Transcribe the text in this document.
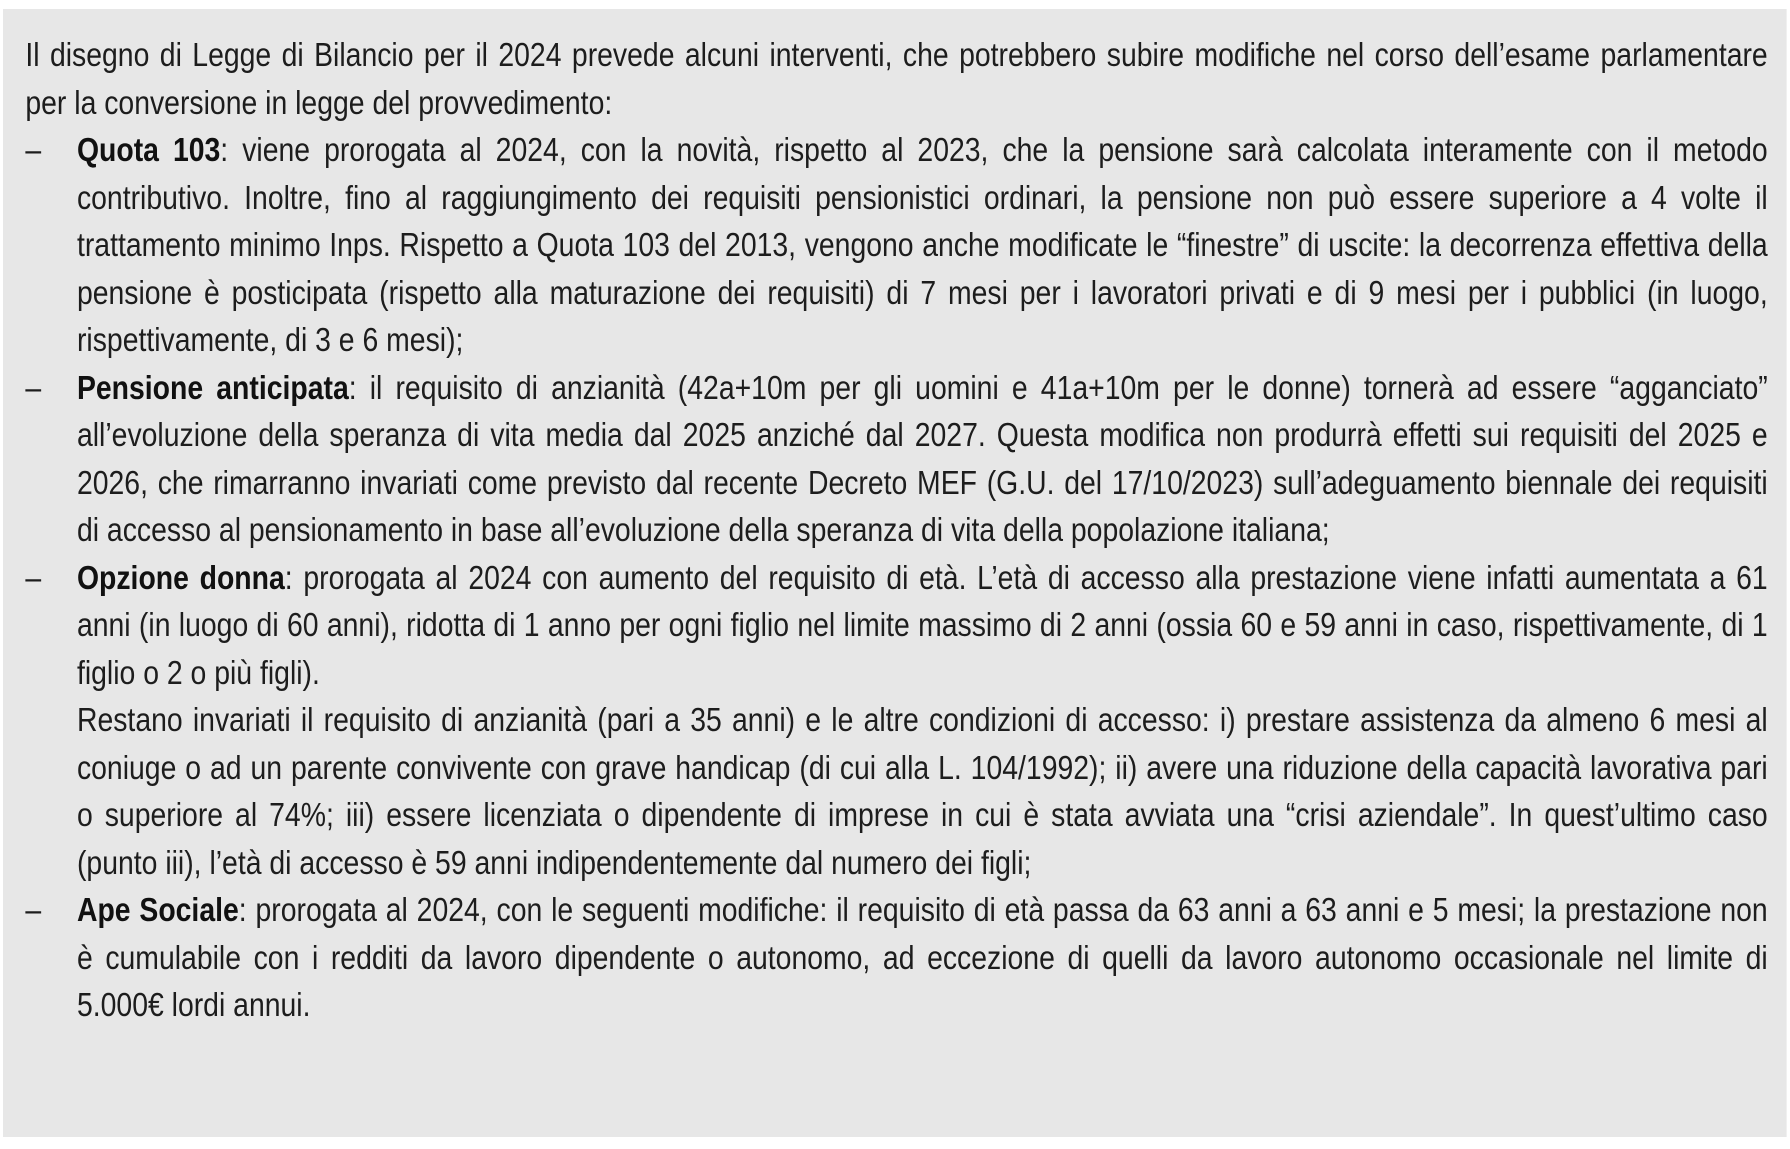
Il disegno di Legge di Bilancio per il 2024 prevede alcuni interventi, che potrebbero subire modifiche nel corso dell’esame parlamentare per la conversione in legge del provvedimento:

– Quota 103: viene prorogata al 2024, con la novità, rispetto al 2023, che la pensione sarà calcolata interamente con il metodo contributivo. Inoltre, fino al raggiungimento dei requisiti pensionistici ordinari, la pensione non può essere superiore a 4 volte il trattamento minimo Inps. Rispetto a Quota 103 del 2013, vengono anche modificate le “finestre” di uscite: la decorrenza effettiva della pensione è posticipata (rispetto alla maturazione dei requisiti) di 7 mesi per i lavoratori privati e di 9 mesi per i pubblici (in luogo, rispettivamente, di 3 e 6 mesi);

– Pensione anticipata: il requisito di anzianità (42a+10m per gli uomini e 41a+10m per le donne) tornerà ad essere “agganciato” all’evoluzione della speranza di vita media dal 2025 anziché dal 2027. Questa modifica non produrrà effetti sui requisiti del 2025 e 2026, che rimarranno invariati come previsto dal recente Decreto MEF (G.U. del 17/10/2023) sull’adeguamento biennale dei requisiti di accesso al pensionamento in base all’evoluzione della speranza di vita della popolazione italiana;

– Opzione donna: prorogata al 2024 con aumento del requisito di età. L’età di accesso alla prestazione viene infatti aumentata a 61 anni (in luogo di 60 anni), ridotta di 1 anno per ogni figlio nel limite massimo di 2 anni (ossia 60 e 59 anni in caso, rispettivamente, di 1 figlio o 2 o più figli).

Restano invariati il requisito di anzianità (pari a 35 anni) e le altre condizioni di accesso: i) prestare assistenza da almeno 6 mesi al coniuge o ad un parente convivente con grave handicap (di cui alla L. 104/1992); ii) avere una riduzione della capacità lavorativa pari o superiore al 74%; iii) essere licenziata o dipendente di imprese in cui è stata avviata una “crisi aziendale”. In quest’ultimo caso (punto iii), l’età di accesso è 59 anni indipendentemente dal numero dei figli;

– Ape Sociale: prorogata al 2024, con le seguenti modifiche: il requisito di età passa da 63 anni a 63 anni e 5 mesi; la prestazione non è cumulabile con i redditi da lavoro dipendente o autonomo, ad eccezione di quelli da lavoro autonomo occasionale nel limite di 5.000€ lordi annui.
